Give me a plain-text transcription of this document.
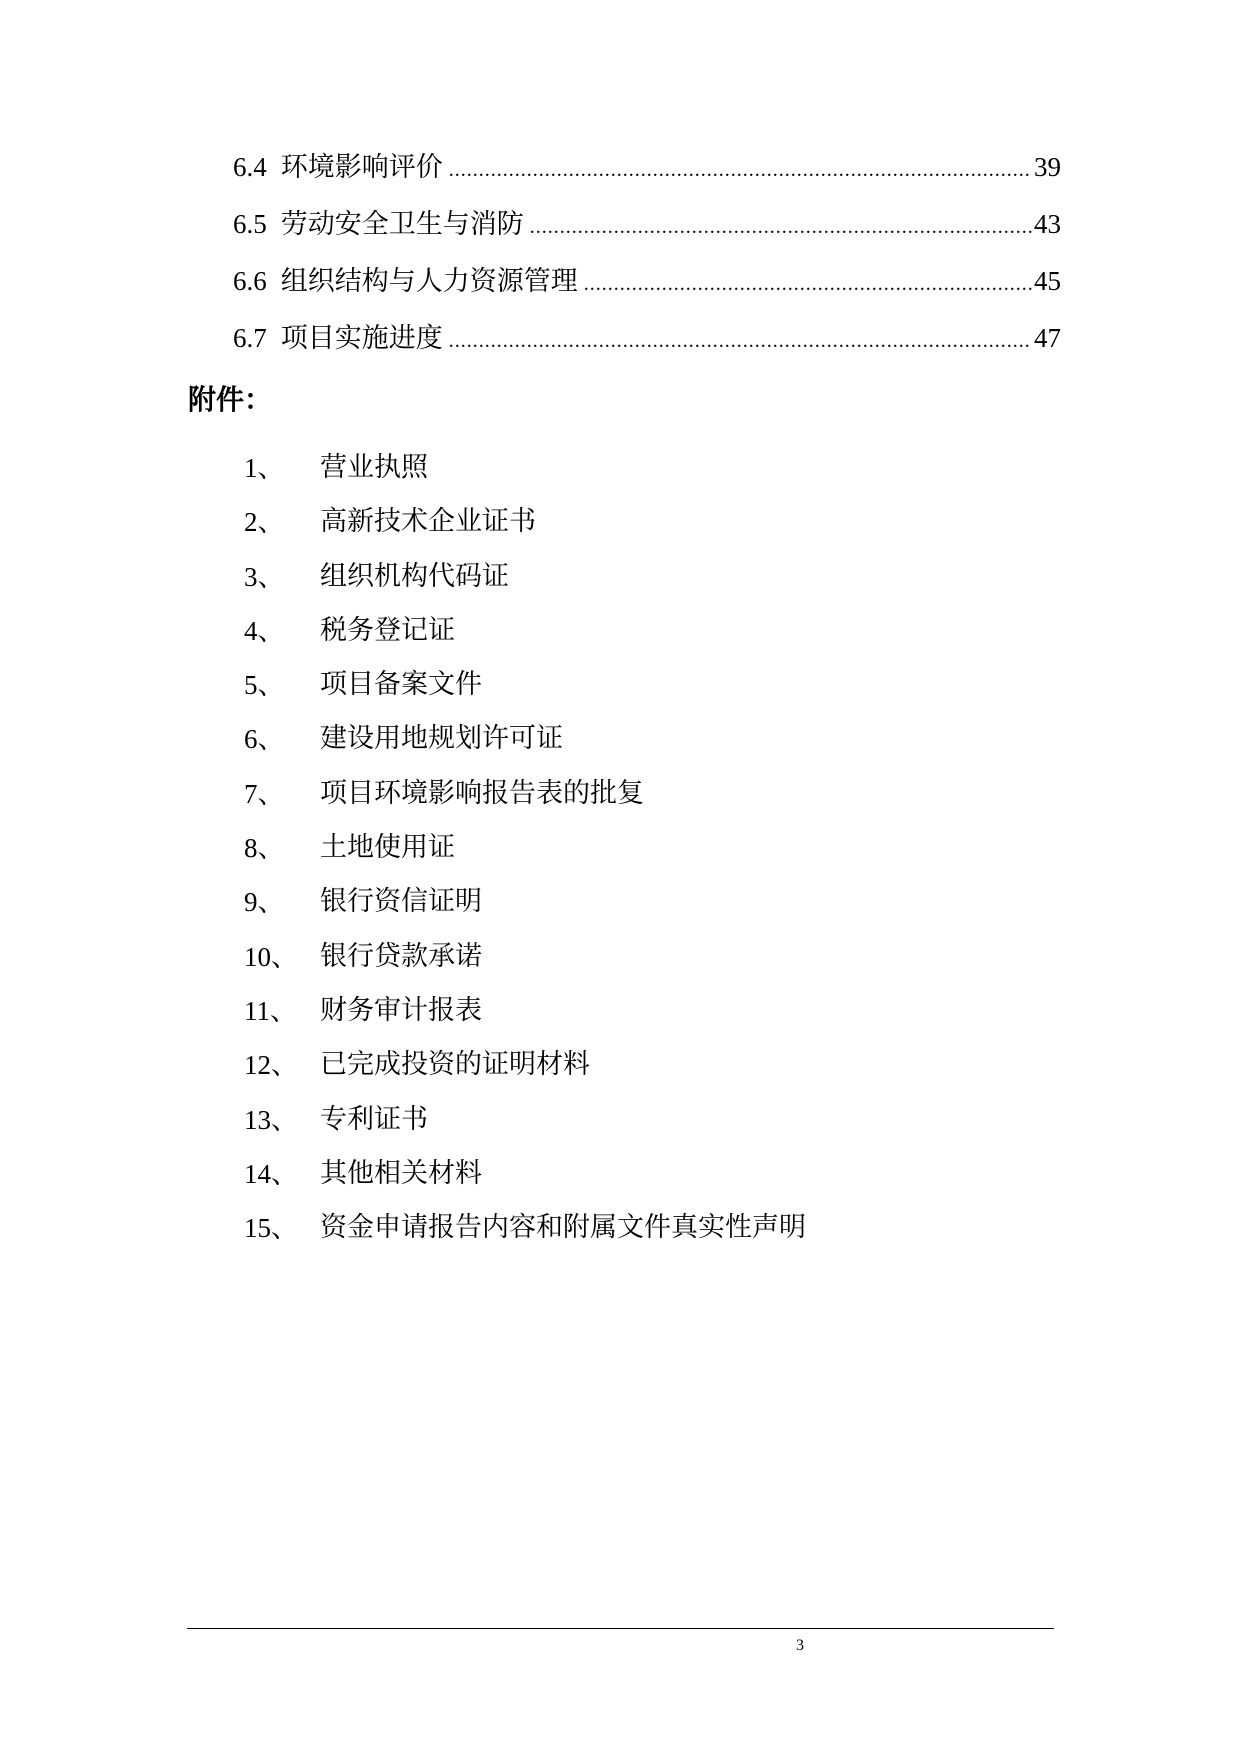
6.4 环境影响评价 .....	39
6.5 劳动安全卫生与消防 .....	43
6.6 组织结构与人力资源管理 .....	45
6.7 项目实施进度 .....	47
附件：
1、	营业执照
2、	高新技术企业证书
3、	组织机构代码证
4、	税务登记证
5、	项目备案文件
6、	建设用地规划许可证
7、	项目环境影响报告表的批复
8、	土地使用证
9、	银行资信证明
10、 银行贷款承诺
11、 财务审计报表
12、 已完成投资的证明材料
13、 专利证书
14、 其他相关材料
15、 资金申请报告内容和附属文件真实性声明
3
